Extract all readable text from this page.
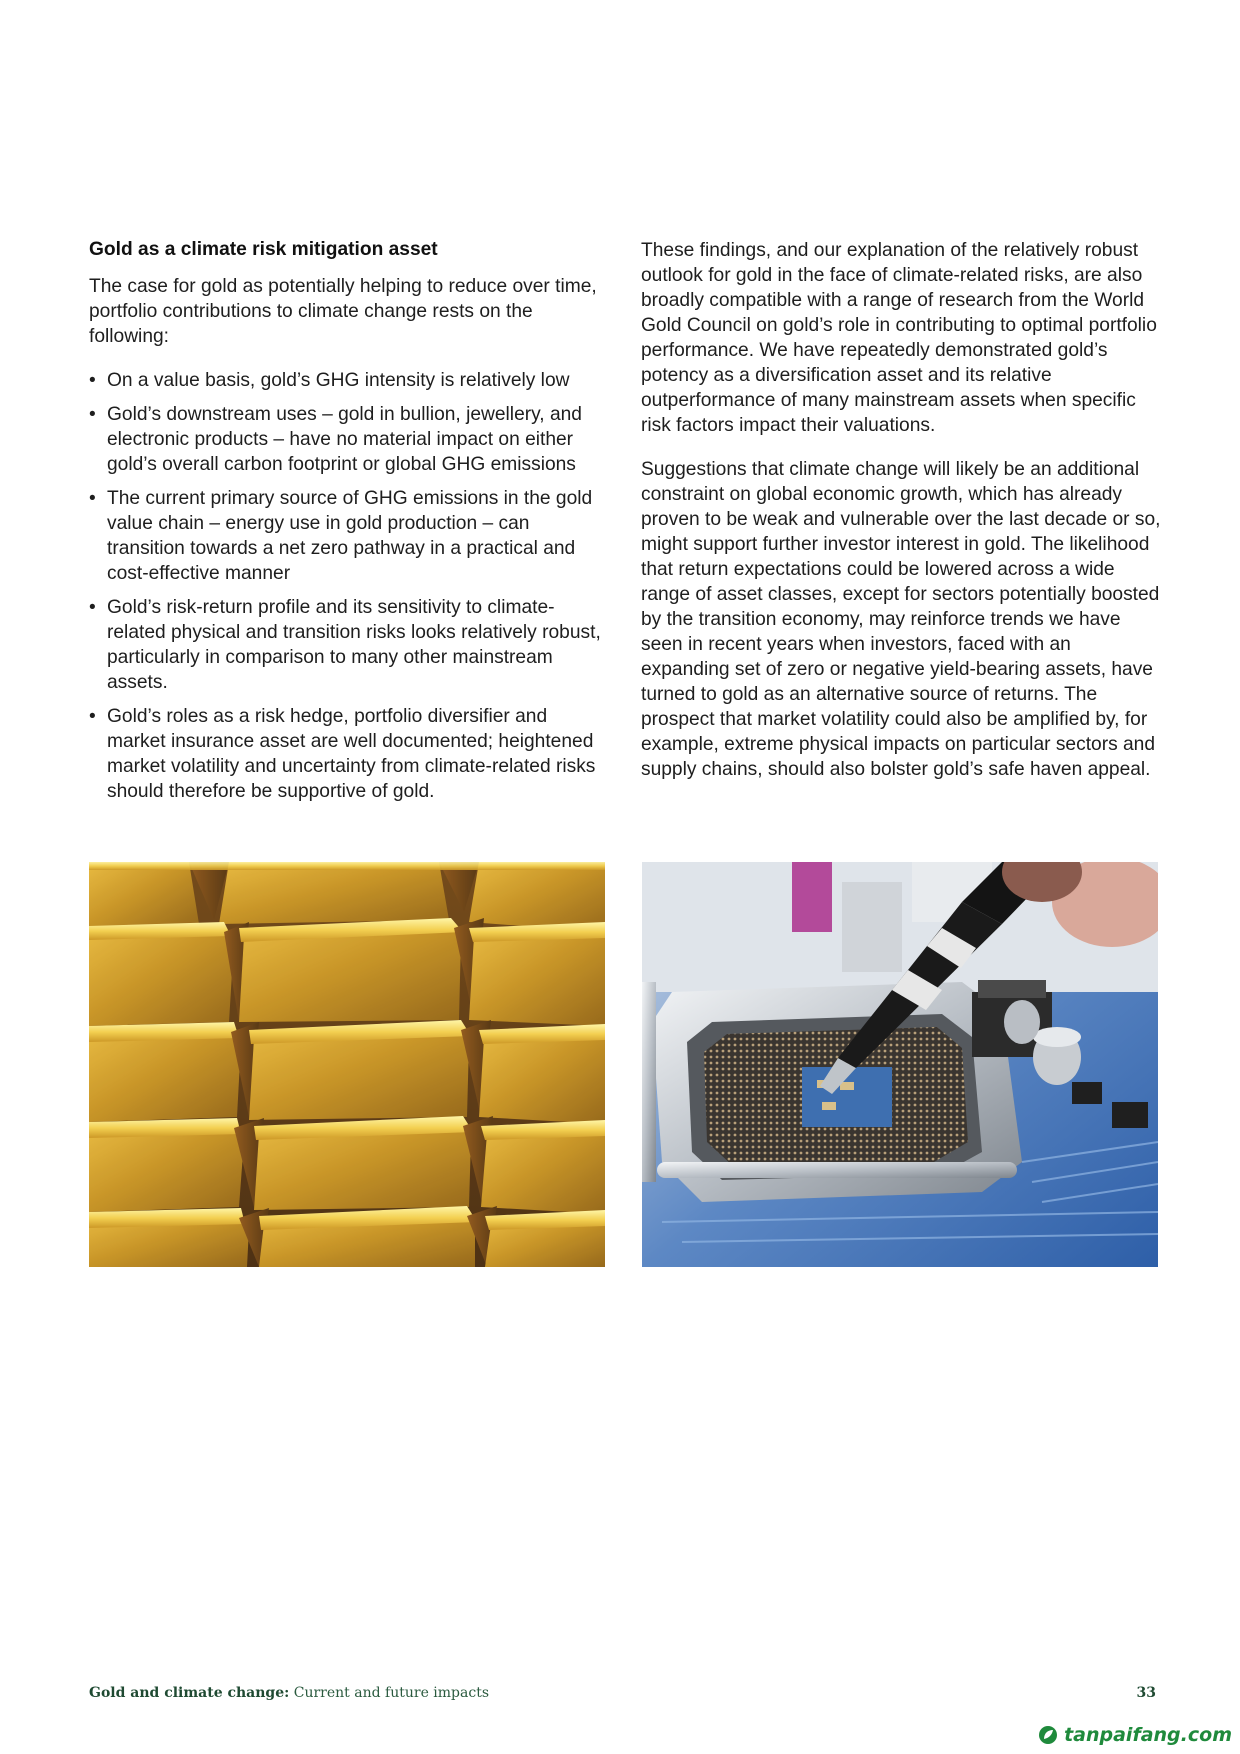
Gold as a climate risk mitigation asset

The case for gold as potentially helping to reduce over time, portfolio contributions to climate change rests on the following:

• On a value basis, gold’s GHG intensity is relatively low
• Gold’s downstream uses – gold in bullion, jewellery, and electronic products – have no material impact on either gold’s overall carbon footprint or global GHG emissions
• The current primary source of GHG emissions in the gold value chain – energy use in gold production – can transition towards a net zero pathway in a practical and cost-effective manner
• Gold’s risk-return profile and its sensitivity to climate-related physical and transition risks looks relatively robust, particularly in comparison to many other mainstream assets.
• Gold’s roles as a risk hedge, portfolio diversifier and market insurance asset are well documented; heightened market volatility and uncertainty from climate-related risks should therefore be supportive of gold.

These findings, and our explanation of the relatively robust outlook for gold in the face of climate-related risks, are also broadly compatible with a range of research from the World Gold Council on gold’s role in contributing to optimal portfolio performance. We have repeatedly demonstrated gold’s potency as a diversification asset and its relative outperformance of many mainstream assets when specific risk factors impact their valuations.

Suggestions that climate change will likely be an additional constraint on global economic growth, which has already proven to be weak and vulnerable over the last decade or so, might support further investor interest in gold. The likelihood that return expectations could be lowered across a wide range of asset classes, except for sectors potentially boosted by the transition economy, may reinforce trends we have seen in recent years when investors, faced with an expanding set of zero or negative yield-bearing assets, have turned to gold as an alternative source of returns. The prospect that market volatility could also be amplified by, for example, extreme physical impacts on particular sectors and supply chains, should also bolster gold’s safe haven appeal.

Gold and climate change: Current and future impacts	33
tanpaifang.com
